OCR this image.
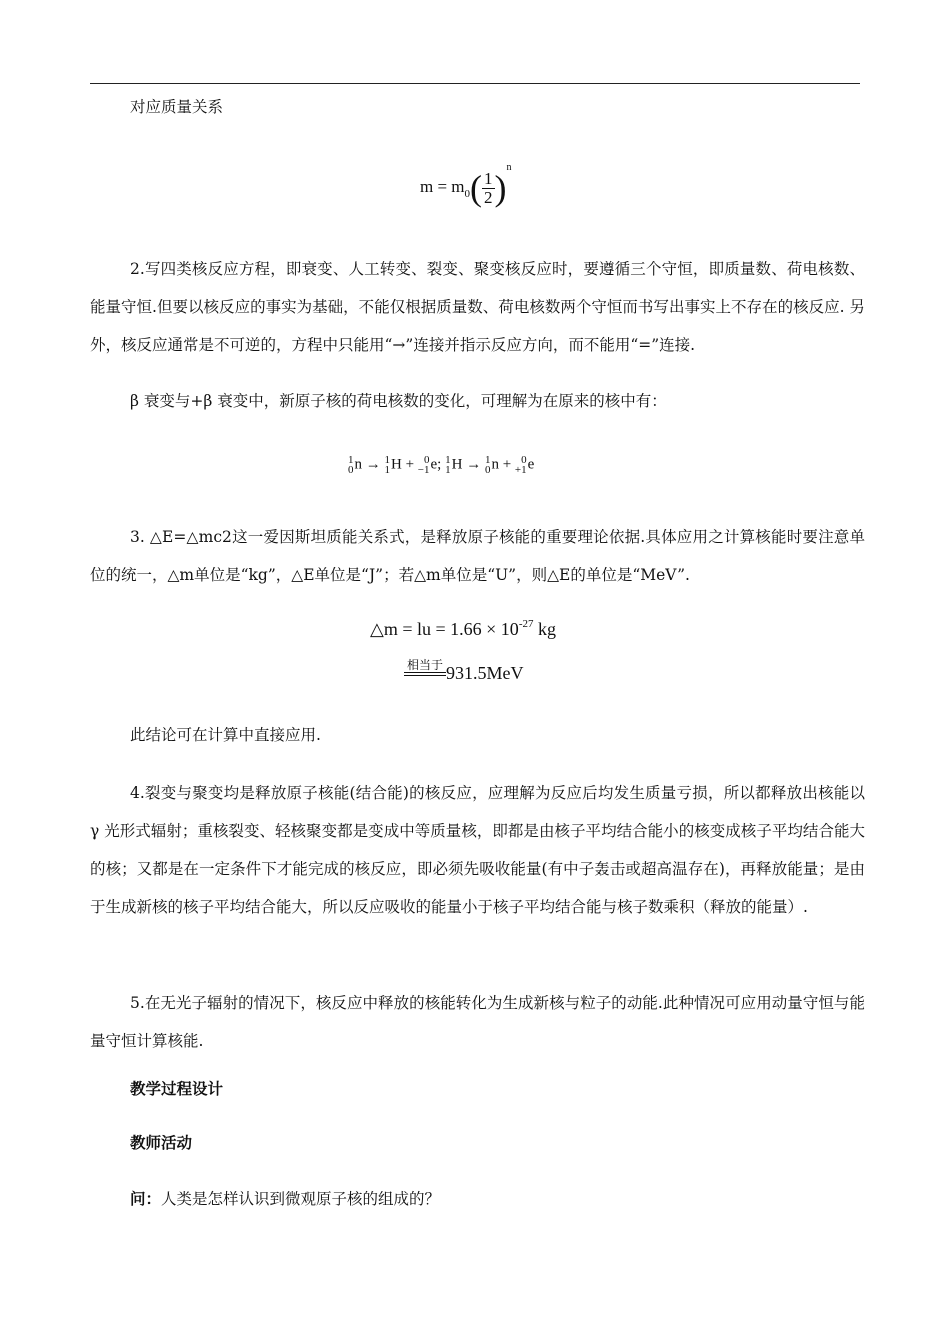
对应质量关系

$m = m_0( \frac{1}{2} )^n$

2.写四类核反应方程，即衰变、人工转变、裂变、聚变核反应时，要遵循三个守恒，即质量数、荷电核数、能量守恒.但要以核反应的事实为基础，不能仅根据质量数、荷电核数两个守恒而书写出事实上不存在的核反应. 另外，核反应通常是不可逆的，方程中只能用“→”连接并指示反应方向，而不能用“=”连接.

β 衰变与+β 衰变中，新原子核的荷电核数的变化，可理解为在原来的核中有：

1
0 n → 1
1 H + 0
−1 e; 1
1 H → 1
0 n + 0
+1 e

3. △E=△mc2这一爱因斯坦质能关系式，是释放原子核能的重要理论依据.具体应用之计算核能时要注意单位的统一，△m单位是“kg”，△E单位是“J”；若△m单位是“U”，则△E的单位是“MeV”.

△m = lu = $1.66 \times 10^{-27}$ kg
相当于 931.5MeV

此结论可在计算中直接应用.

4.裂变与聚变均是释放原子核能(结合能)的核反应，应理解为反应后均发生质量亏损，所以都释放出核能以 γ 光形式辐射；重核裂变、轻核聚变都是变成中等质量核，即都是由核子平均结合能小的核变成核子平均结合能大的核；又都是在一定条件下才能完成的核反应，即必须先吸收能量(有中子轰击或超高温存在)，再释放能量；是由于生成新核的核子平均结合能大，所以反应吸收的能量小于核子平均结合能与核子数乘积（释放的能量）.

5.在无光子辐射的情况下，核反应中释放的核能转化为生成新核与粒子的动能.此种情况可应用动量守恒与能量守恒计算核能.

教学过程设计

教师活动

问：人类是怎样认识到微观原子核的组成的？
